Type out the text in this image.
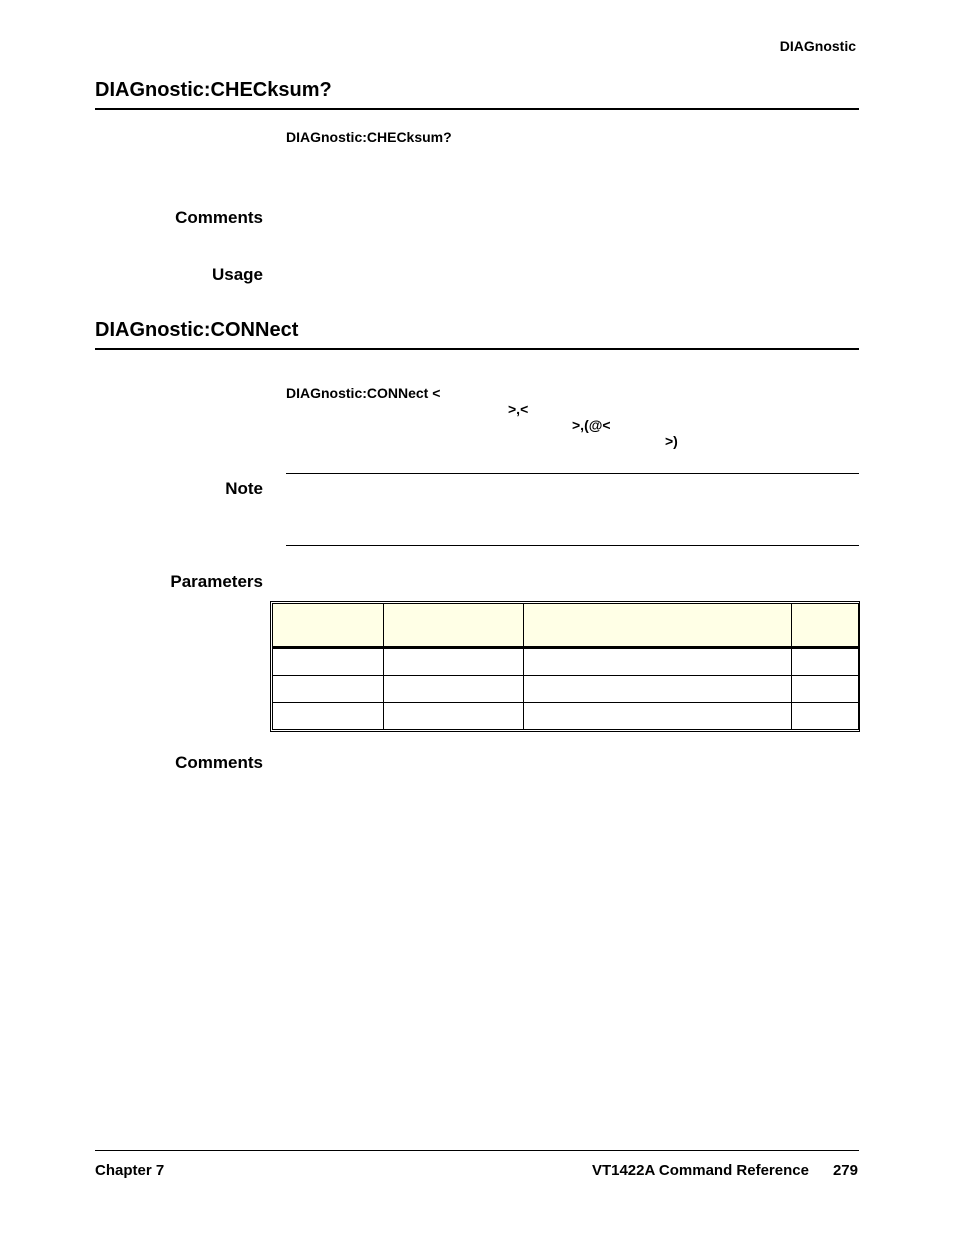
DIAGnostic
DIAGnostic:CHECksum?
DIAGnostic:CHECksum?
Comments
Usage
DIAGnostic:CONNect

DIAGnostic:CONNect <

>,<

>,(@<

>)

Note
Parameters

Comments
Chapter 7	VT1422A Command Reference 279
